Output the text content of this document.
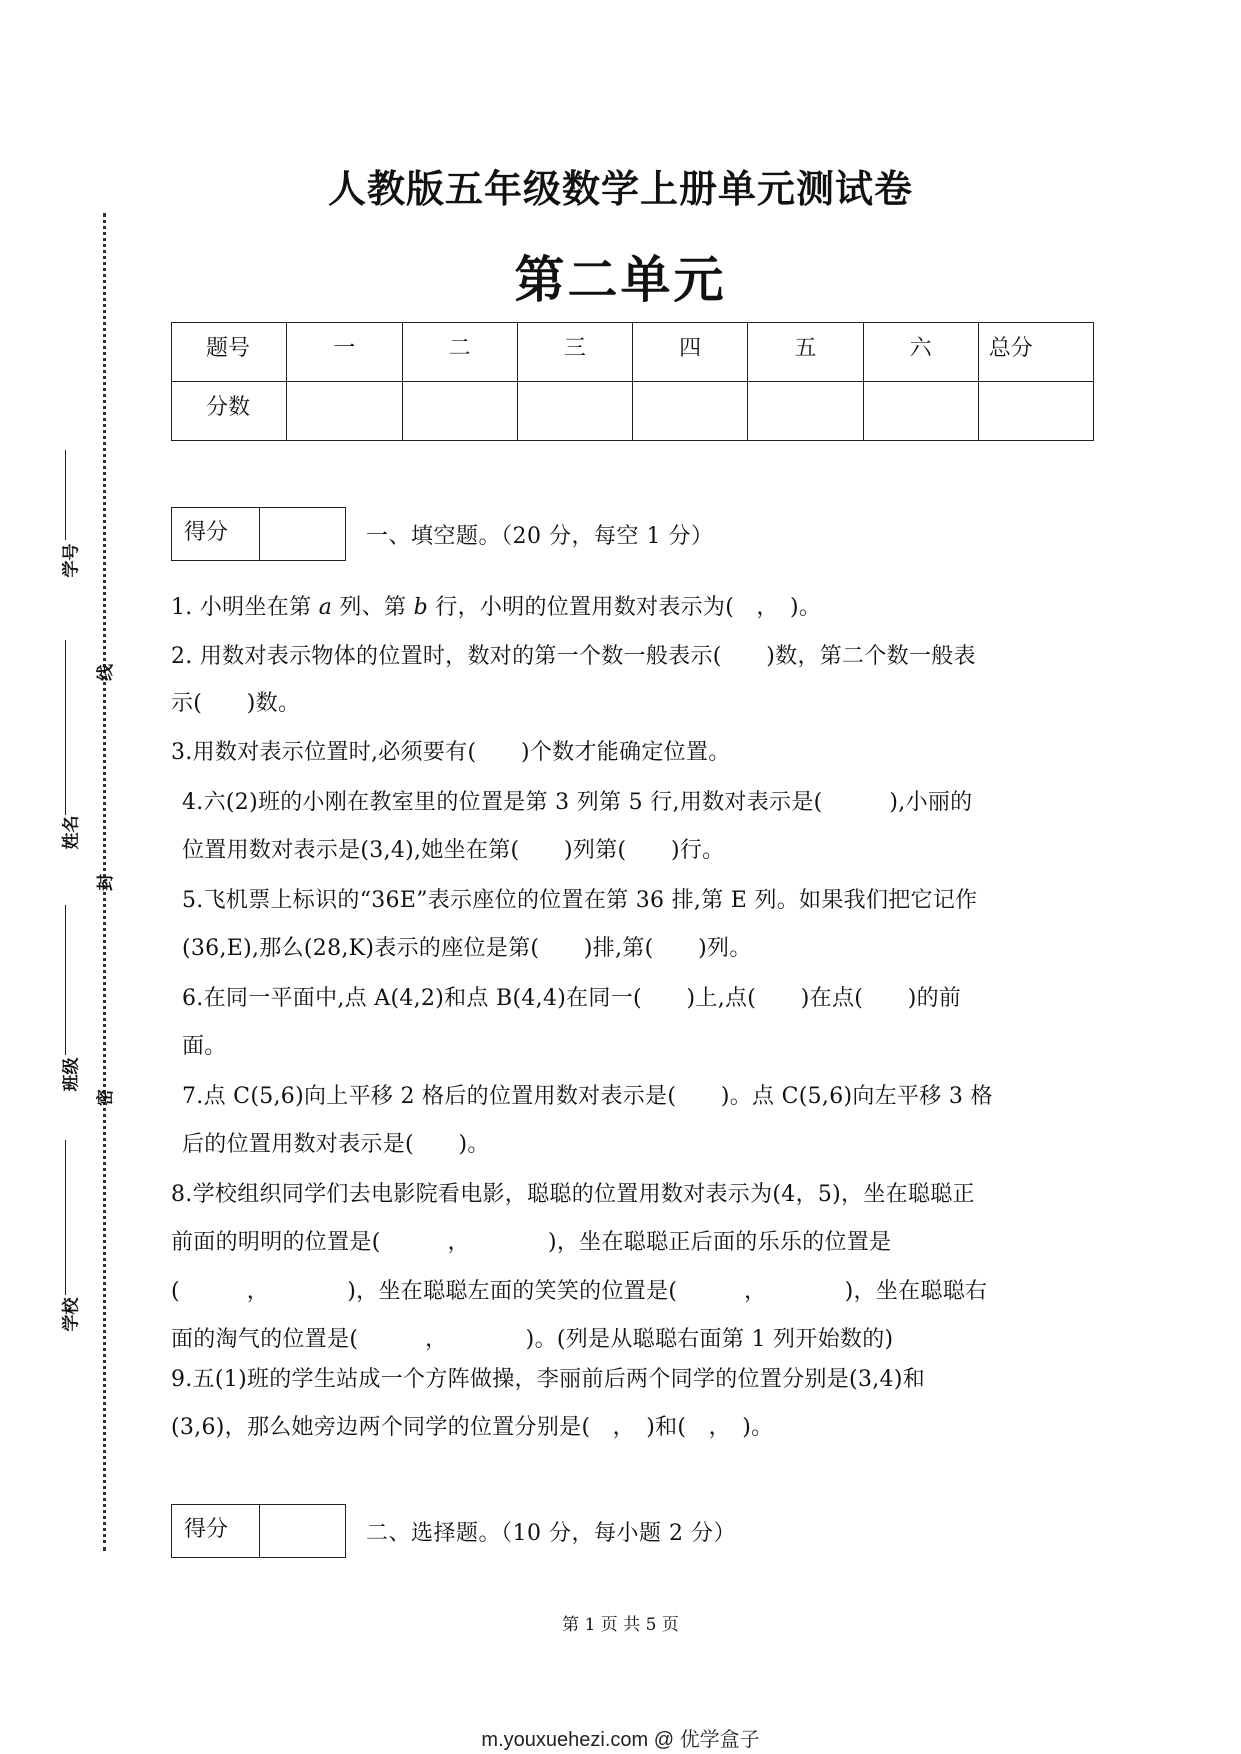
人教版五年级数学上册单元测试卷
第二单元
题号	一	二	三	四	五	六	总分
分数							
得分	一、填空题。（20 分，每空 1 分）
1. 小明坐在第 a 列、第 b 行，小明的位置用数对表示为(　，　)。
2. 用数对表示物体的位置时，数对的第一个数一般表示(　　)数，第二个数一般表
示(　　)数。
3.用数对表示位置时,必须要有(　　)个数才能确定位置。
4.六(2)班的小刚在教室里的位置是第 3 列第 5 行,用数对表示是(　　　),小丽的
位置用数对表示是(3,4),她坐在第(　　)列第(　　)行。
5.飞机票上标识的“36E”表示座位的位置在第 36 排,第 E 列。如果我们把它记作
(36,E),那么(28,K)表示的座位是第(　　)排,第(　　)列。
6.在同一平面中,点 A(4,2)和点 B(4,4)在同一(　　)上,点(　　)在点(　　)的前
面。
7.点 C(5,6)向上平移 2 格后的位置用数对表示是(　　)。点 C(5,6)向左平移 3 格
后的位置用数对表示是(　　)。
8.学校组织同学们去电影院看电影，聪聪的位置用数对表示为(4，5)，坐在聪聪正
前面的明明的位置是(　　　，　　　　)，坐在聪聪正后面的乐乐的位置是
(　　　，　　　　)，坐在聪聪左面的笑笑的位置是(　　　，　　　　)，坐在聪聪右
面的淘气的位置是(　　　，　　　　)。(列是从聪聪右面第 1 列开始数的)
9.五(1)班的学生站成一个方阵做操，李丽前后两个同学的位置分别是(3,4)和
(3,6)，那么她旁边两个同学的位置分别是(　，　)和(　，　)。
得分	二、选择题。（10 分，每小题 2 分）
学号
姓名
班级
学校
线
封
密
第 1 页 共 5 页
m.youxuehezi.com @ 优学盒子
